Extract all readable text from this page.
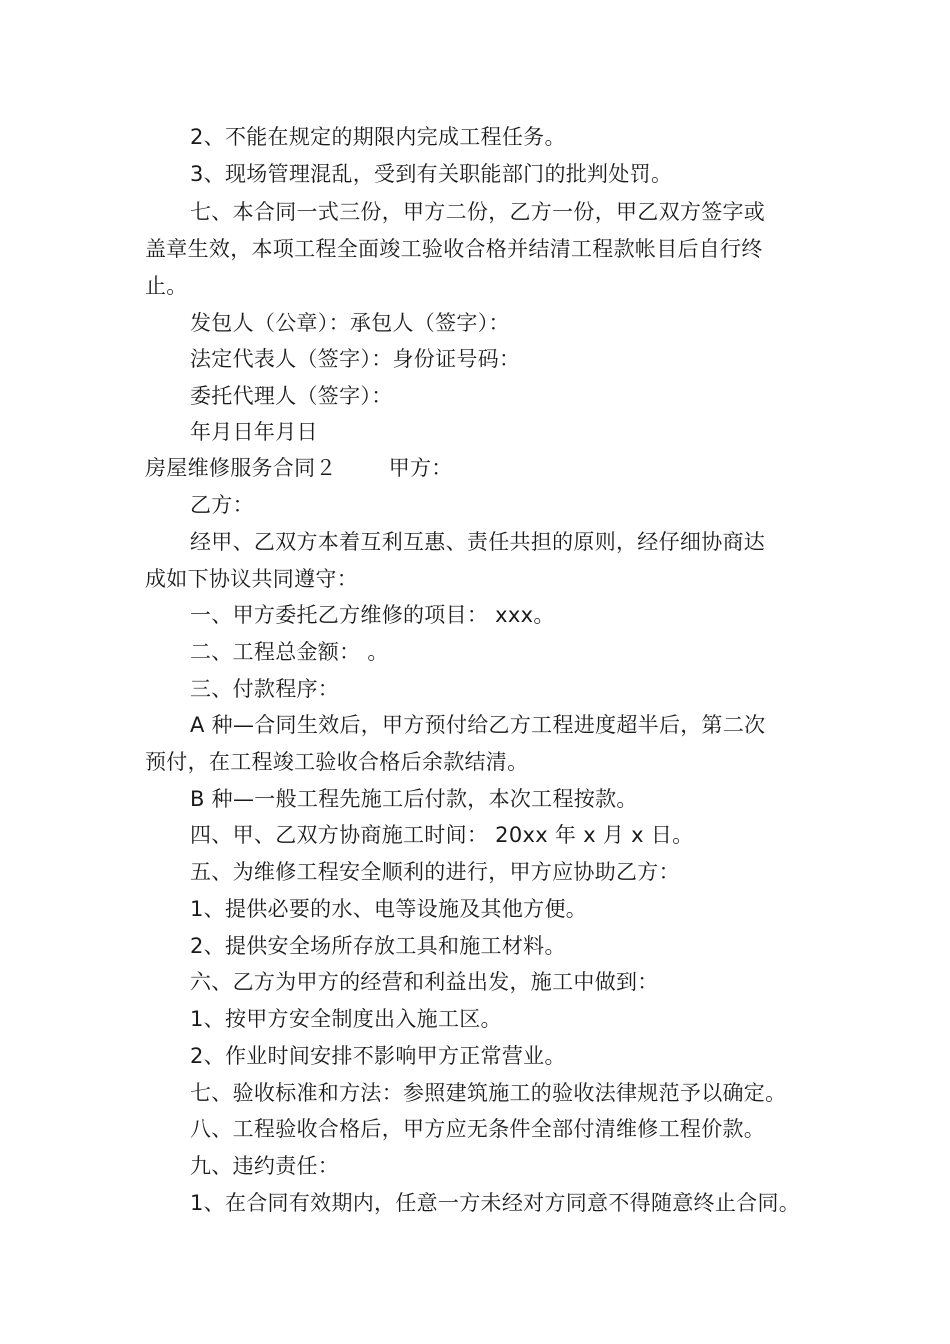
2、不能在规定的期限内完成工程任务。
3、现场管理混乱，受到有关职能部门的批判处罚。
七、本合同一式三份，甲方二份，乙方一份，甲乙双方签字或
盖章生效，本项工程全面竣工验收合格并结清工程款帐目后自行终
止。
发包人（公章）：承包人（签字）：
法定代表人（签字）：身份证号码：
委托代理人（签字）：
年月日年月日
房屋维修服务合同２ 甲方：
乙方：
经甲、乙双方本着互利互惠、责任共担的原则，经仔细协商达
成如下协议共同遵守：
一、甲方委托乙方维修的项目： xxx。
二、工程总金额： 。
三、付款程序：
A 种—合同生效后，甲方预付给乙方工程进度超半后，第二次
预付，在工程竣工验收合格后余款结清。
B 种—一般工程先施工后付款，本次工程按款。
四、甲、乙双方协商施工时间： 20xx 年 x 月 x 日。
五、为维修工程安全顺利的进行，甲方应协助乙方：
1、提供必要的水、电等设施及其他方便。
2、提供安全场所存放工具和施工材料。
六、乙方为甲方的经营和利益出发，施工中做到：
1、按甲方安全制度出入施工区。
2、作业时间安排不影响甲方正常营业。
七、验收标准和方法：参照建筑施工的验收法律规范予以确定。
八、工程验收合格后，甲方应无条件全部付清维修工程价款。
九、违约责任：
1、在合同有效期内，任意一方未经对方同意不得随意终止合同。
